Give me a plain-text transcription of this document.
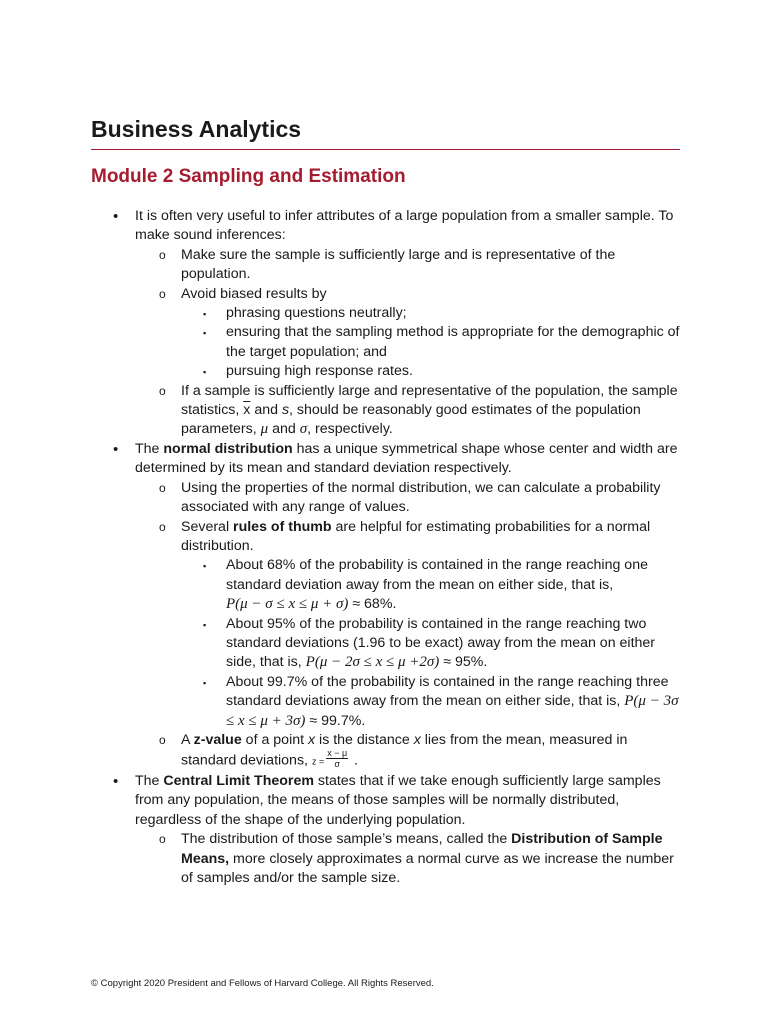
Business Analytics
Module 2 Sampling and Estimation
• It is often very useful to infer attributes of a large population from a smaller sample. To make sound inferences:
o Make sure the sample is sufficiently large and is representative of the population.
o Avoid biased results by
▪ phrasing questions neutrally;
▪ ensuring that the sampling method is appropriate for the demographic of the target population; and
▪ pursuing high response rates.
o If a sample is sufficiently large and representative of the population, the sample statistics, $\overline{x}$ and s, should be reasonably good estimates of the population parameters, μ and σ, respectively.
• The normal distribution has a unique symmetrical shape whose center and width are determined by its mean and standard deviation respectively.
o Using the properties of the normal distribution, we can calculate a probability associated with any range of values.
o Several rules of thumb are helpful for estimating probabilities for a normal distribution.
▪ About 68% of the probability is contained in the range reaching one standard deviation away from the mean on either side, that is,
P(μ − σ ≤ x ≤ μ + σ) ≈ 68%.
▪ About 95% of the probability is contained in the range reaching two standard deviations (1.96 to be exact) away from the mean on either side, that is, P(μ − 2σ ≤ x ≤ μ +2σ) ≈ 95%.
▪ About 99.7% of the probability is contained in the range reaching three standard deviations away from the mean on either side, that is, P(μ − 3σ ≤ x ≤ μ + 3σ) ≈ 99.7%.
o A z-value of a point x is the distance x lies from the mean, measured in standard deviations, $z = \frac{x - \mu}{\sigma}$ .
• The Central Limit Theorem states that if we take enough sufficiently large samples from any population, the means of those samples will be normally distributed, regardless of the shape of the underlying population.
o The distribution of those sample’s means, called the Distribution of Sample Means, more closely approximates a normal curve as we increase the number of samples and/or the sample size.
© Copyright 2020 President and Fellows of Harvard College. All Rights Reserved.
